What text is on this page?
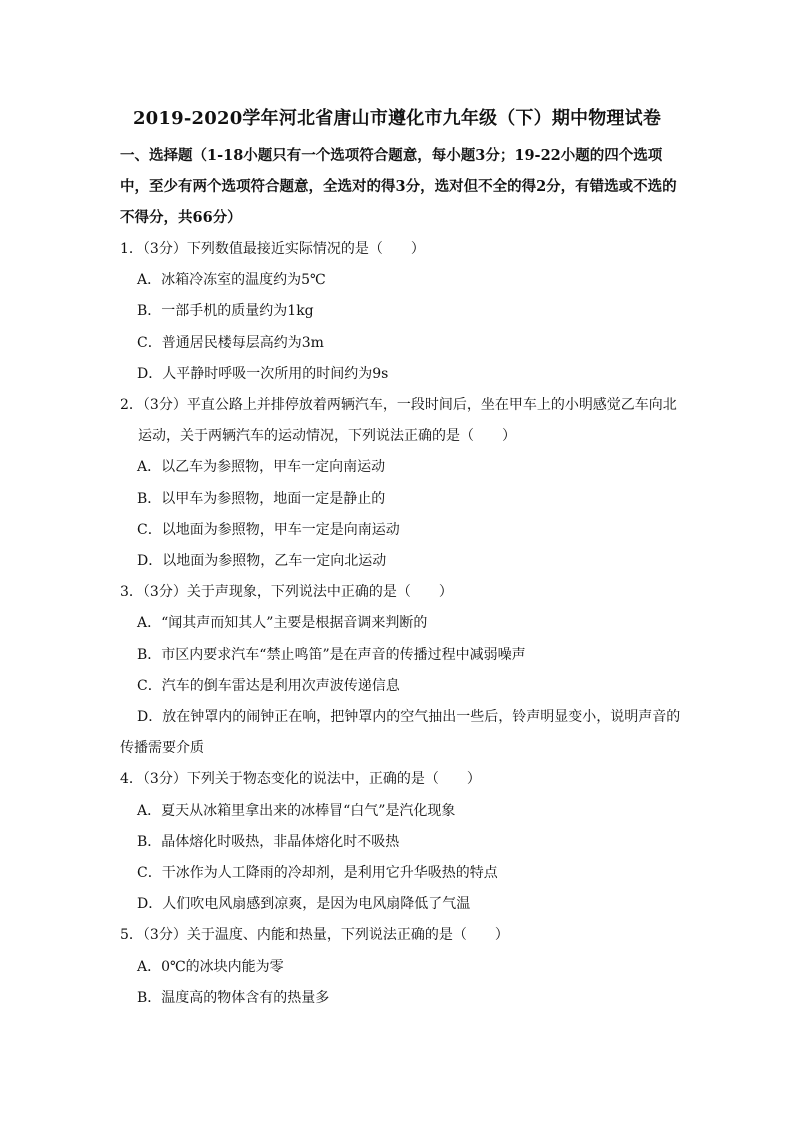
2019-2020学年河北省唐山市遵化市九年级（下）期中物理试卷
一、选择题（1-18小题只有一个选项符合题意，每小题3分；19-22小题的四个选项中，至少有两个选项符合题意，全选对的得3分，选对但不全的得2分，有错选或不选的不得分，共66分）
1．（3分）下列数值最接近实际情况的是（　　）
A．冰箱冷冻室的温度约为5℃
B．一部手机的质量约为1kg
C．普通居民楼每层高约为3m
D．人平静时呼吸一次所用的时间约为9s
2．（3分）平直公路上并排停放着两辆汽车，一段时间后，坐在甲车上的小明感觉乙车向北
运动，关于两辆汽车的运动情况，下列说法正确的是（　　）
A．以乙车为参照物，甲车一定向南运动
B．以甲车为参照物，地面一定是静止的
C．以地面为参照物，甲车一定是向南运动
D．以地面为参照物，乙车一定向北运动
3．（3分）关于声现象，下列说法中正确的是（　　）
A．“闻其声而知其人”主要是根据音调来判断的
B．市区内要求汽车“禁止鸣笛”是在声音的传播过程中减弱噪声
C．汽车的倒车雷达是利用次声波传递信息
D．放在钟罩内的闹钟正在响，把钟罩内的空气抽出一些后，铃声明显变小，说明声音的
传播需要介质
4．（3分）下列关于物态变化的说法中，正确的是（　　）
A．夏天从冰箱里拿出来的冰棒冒“白气”是汽化现象
B．晶体熔化时吸热，非晶体熔化时不吸热
C．干冰作为人工降雨的冷却剂，是利用它升华吸热的特点
D．人们吹电风扇感到凉爽，是因为电风扇降低了气温
5．（3分）关于温度、内能和热量，下列说法正确的是（　　）
A．0℃的冰块内能为零
B．温度高的物体含有的热量多
